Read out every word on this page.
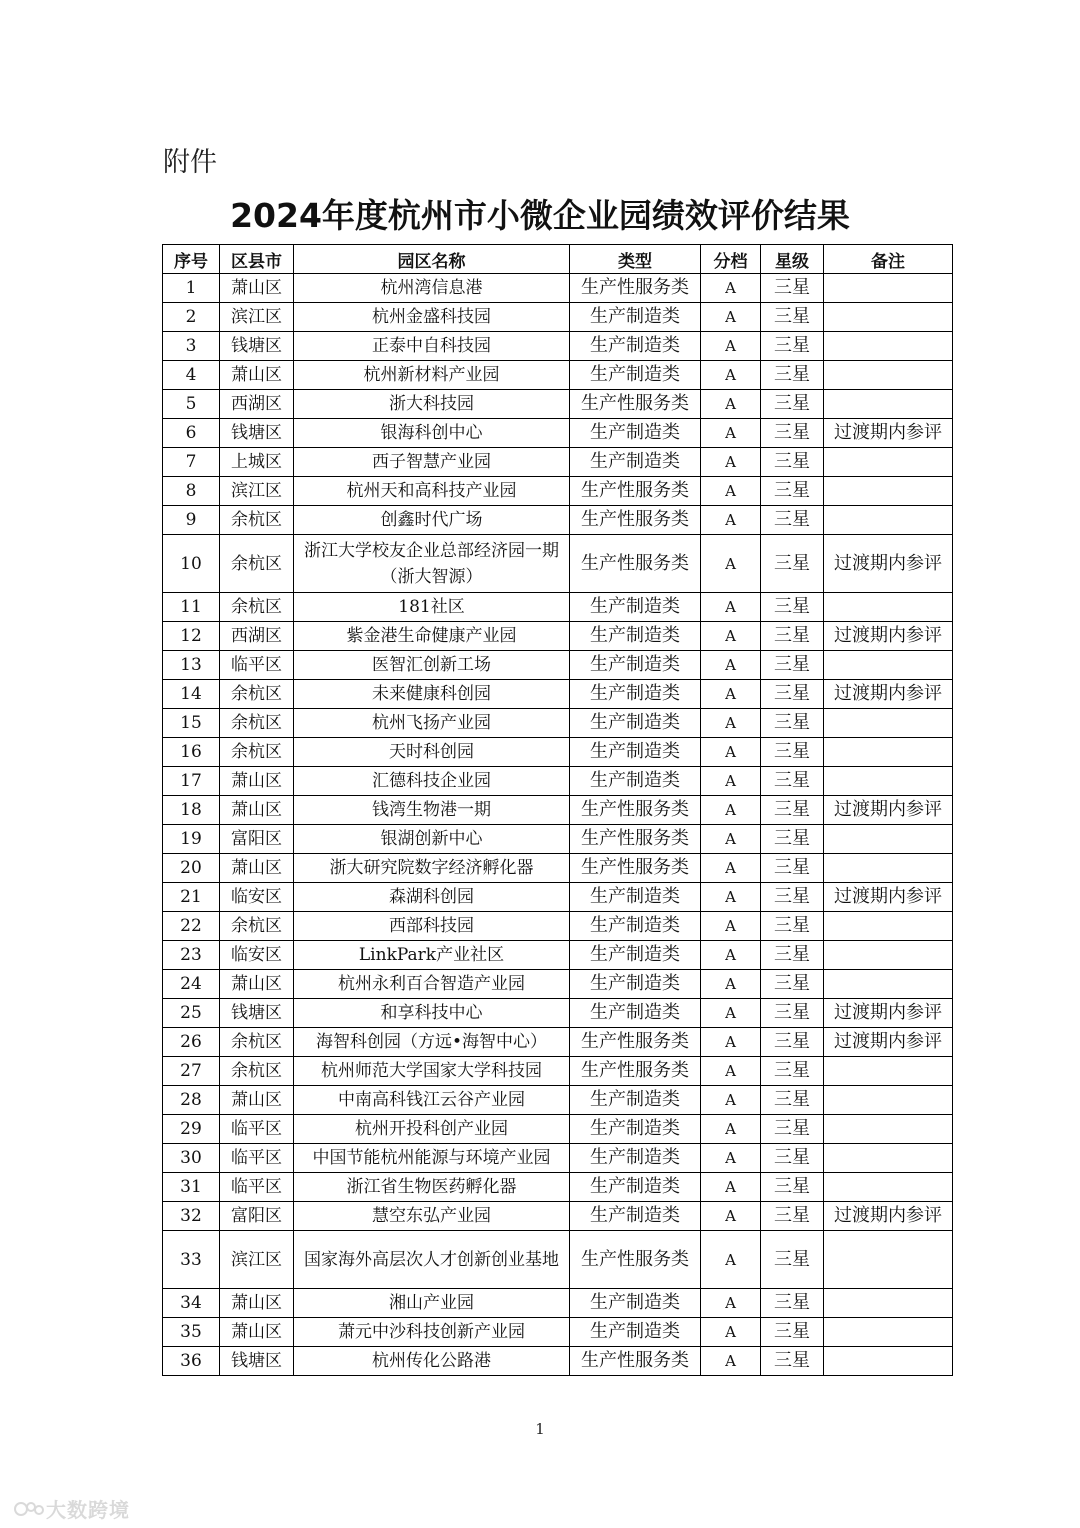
附件
2024年度杭州市小微企业园绩效评价结果
序号	区县市	园区名称	类型	分档	星级	备注
1	萧山区	杭州湾信息港	生产性服务类	A	三星	
2	滨江区	杭州金盛科技园	生产制造类	A	三星	
3	钱塘区	正泰中自科技园	生产制造类	A	三星	
4	萧山区	杭州新材料产业园	生产制造类	A	三星	
5	西湖区	浙大科技园	生产性服务类	A	三星	
6	钱塘区	银海科创中心	生产制造类	A	三星	过渡期内参评
7	上城区	西子智慧产业园	生产制造类	A	三星	
8	滨江区	杭州天和高科技产业园	生产性服务类	A	三星	
9	余杭区	创鑫时代广场	生产性服务类	A	三星	
10	余杭区	浙江大学校友企业总部经济园一期（浙大智源）	生产性服务类	A	三星	过渡期内参评
11	余杭区	181社区	生产制造类	A	三星	
12	西湖区	紫金港生命健康产业园	生产制造类	A	三星	过渡期内参评
13	临平区	医智汇创新工场	生产制造类	A	三星	
14	余杭区	未来健康科创园	生产制造类	A	三星	过渡期内参评
15	余杭区	杭州飞扬产业园	生产制造类	A	三星	
16	余杭区	天时科创园	生产制造类	A	三星	
17	萧山区	汇德科技企业园	生产制造类	A	三星	
18	萧山区	钱湾生物港一期	生产性服务类	A	三星	过渡期内参评
19	富阳区	银湖创新中心	生产性服务类	A	三星	
20	萧山区	浙大研究院数字经济孵化器	生产性服务类	A	三星	
21	临安区	森湖科创园	生产制造类	A	三星	过渡期内参评
22	余杭区	西部科技园	生产制造类	A	三星	
23	临安区	LinkPark产业社区	生产制造类	A	三星	
24	萧山区	杭州永利百合智造产业园	生产制造类	A	三星	
25	钱塘区	和享科技中心	生产制造类	A	三星	过渡期内参评
26	余杭区	海智科创园（方远•海智中心）	生产性服务类	A	三星	过渡期内参评
27	余杭区	杭州师范大学国家大学科技园	生产性服务类	A	三星	
28	萧山区	中南高科钱江云谷产业园	生产制造类	A	三星	
29	临平区	杭州开投科创产业园	生产制造类	A	三星	
30	临平区	中国节能杭州能源与环境产业园	生产制造类	A	三星	
31	临平区	浙江省生物医药孵化器	生产制造类	A	三星	
32	富阳区	慧空东弘产业园	生产制造类	A	三星	过渡期内参评
33	滨江区	国家海外高层次人才创新创业基地	生产性服务类	A	三星	
34	萧山区	湘山产业园	生产制造类	A	三星	
35	萧山区	萧元中沙科技创新产业园	生产制造类	A	三星	
36	钱塘区	杭州传化公路港	生产性服务类	A	三星	
1
大数跨境
